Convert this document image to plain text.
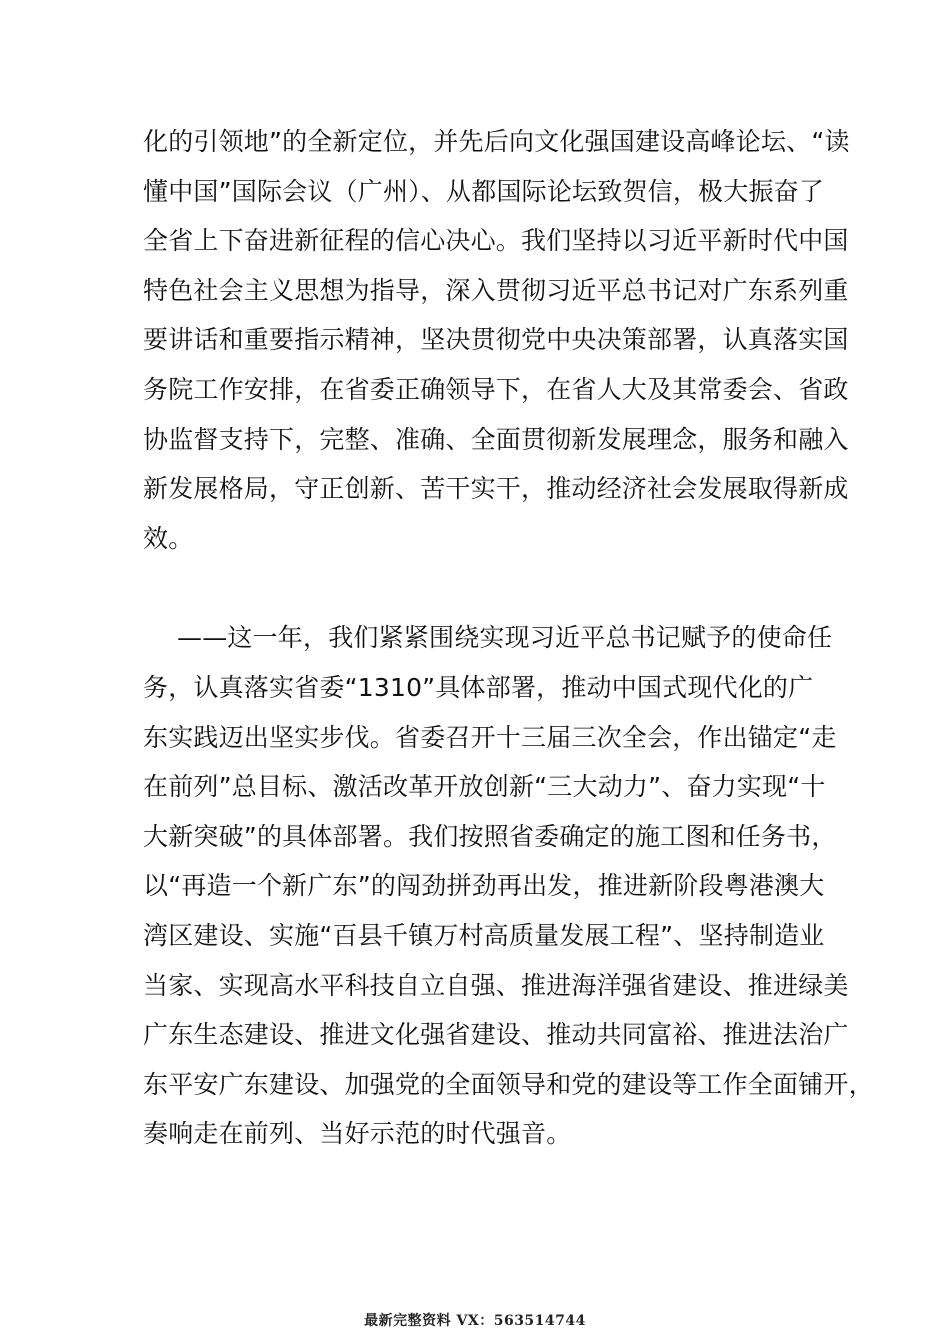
化的引领地”的全新定位，并先后向文化强国建设高峰论坛、“读
懂中国”国际会议（广州）、从都国际论坛致贺信，极大振奋了
全省上下奋进新征程的信心决心。我们坚持以习近平新时代中国
特色社会主义思想为指导，深入贯彻习近平总书记对广东系列重
要讲话和重要指示精神，坚决贯彻党中央决策部署，认真落实国
务院工作安排，在省委正确领导下，在省人大及其常委会、省政
协监督支持下，完整、准确、全面贯彻新发展理念，服务和融入
新发展格局，守正创新、苦干实干，推动经济社会发展取得新成
效。
——这一年，我们紧紧围绕实现习近平总书记赋予的使命任
务，认真落实省委“1310”具体部署，推动中国式现代化的广
东实践迈出坚实步伐。省委召开十三届三次全会，作出锚定“走
在前列”总目标、激活改革开放创新“三大动力”、奋力实现“十
大新突破”的具体部署。我们按照省委确定的施工图和任务书，
以“再造一个新广东”的闯劲拼劲再出发，推进新阶段粤港澳大
湾区建设、实施“百县千镇万村高质量发展工程”、坚持制造业
当家、实现高水平科技自立自强、推进海洋强省建设、推进绿美
广东生态建设、推进文化强省建设、推动共同富裕、推进法治广
东平安广东建设、加强党的全面领导和党的建设等工作全面铺开，
奏响走在前列、当好示范的时代强音。
最新完整资料 VX：563514744
